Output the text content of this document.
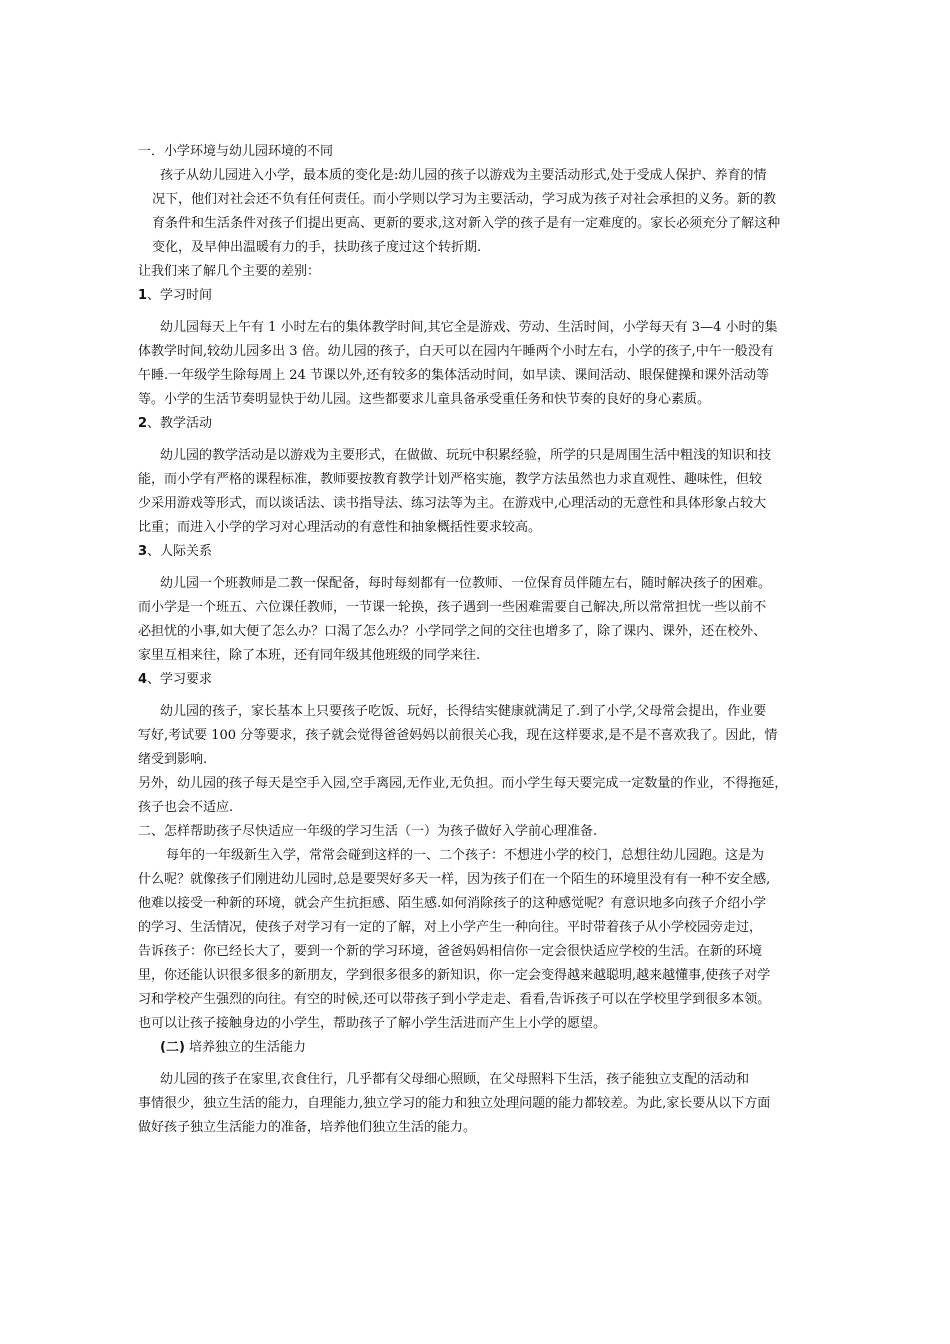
一．小学环境与幼儿园环境的不同
孩子从幼儿园进入小学，最本质的变化是:幼儿园的孩子以游戏为主要活动形式,处于受成人保护、养育的情
况下，他们对社会还不负有任何责任。而小学则以学习为主要活动，学习成为孩子对社会承担的义务。新的教
育条件和生活条件对孩子们提出更高、更新的要求,这对新入学的孩子是有一定难度的。家长必须充分了解这种
变化，及早伸出温暖有力的手，扶助孩子度过这个转折期.
让我们来了解几个主要的差别：
1、学习时间
幼儿园每天上午有 1 小时左右的集体教学时间,其它全是游戏、劳动、生活时间，小学每天有 3—4 小时的集
体教学时间,较幼儿园多出 3 倍。幼儿园的孩子，白天可以在园内午睡两个小时左右，小学的孩子,中午一般没有
午睡.一年级学生除每周上 24 节课以外,还有较多的集体活动时间，如早读、课间活动、眼保健操和课外活动等
等。小学的生活节奏明显快于幼儿园。这些都要求儿童具备承受重任务和快节奏的良好的身心素质。
2、教学活动
幼儿园的教学活动是以游戏为主要形式，在做做、玩玩中积累经验，所学的只是周围生活中粗浅的知识和技
能，而小学有严格的课程标准，教师要按教育教学计划严格实施，教学方法虽然也力求直观性、趣味性，但较
少采用游戏等形式，而以谈话法、读书指导法、练习法等为主。在游戏中,心理活动的无意性和具体形象占较大
比重；而进入小学的学习对心理活动的有意性和抽象概括性要求较高。
3、人际关系
幼儿园一个班教师是二教一保配备，每时每刻都有一位教师、一位保育员伴随左右，随时解决孩子的困难。
而小学是一个班五、六位课任教师，一节课一轮换，孩子遇到一些困难需要自己解决,所以常常担忧一些以前不
必担忧的小事,如大便了怎么办？口渴了怎么办？小学同学之间的交往也增多了，除了课内、课外，还在校外、
家里互相来往，除了本班，还有同年级其他班级的同学来往.
4、学习要求
幼儿园的孩子，家长基本上只要孩子吃饭、玩好，长得结实健康就满足了.到了小学,父母常会提出，作业要
写好,考试要 100 分等要求，孩子就会觉得爸爸妈妈以前很关心我，现在这样要求,是不是不喜欢我了。因此，情
绪受到影响.
另外，幼儿园的孩子每天是空手入园,空手离园,无作业,无负担。而小学生每天要完成一定数量的作业，不得拖延，
孩子也会不适应.
二、怎样帮助孩子尽快适应一年级的学习生活（一）为孩子做好入学前心理准备.
每年的一年级新生入学，常常会碰到这样的一、二个孩子：不想进小学的校门，总想往幼儿园跑。这是为
什么呢？就像孩子们刚进幼儿园时,总是要哭好多天一样，因为孩子们在一个陌生的环境里没有有一种不安全感,
他难以接受一种新的环境，就会产生抗拒感、陌生感.如何消除孩子的这种感觉呢？有意识地多向孩子介绍小学
的学习、生活情况，使孩子对学习有一定的了解，对上小学产生一种向往。平时带着孩子从小学校园旁走过，
告诉孩子：你已经长大了，要到一个新的学习环境，爸爸妈妈相信你一定会很快适应学校的生活。在新的环境
里，你还能认识很多很多的新朋友，学到很多很多的新知识，你一定会变得越来越聪明,越来越懂事,使孩子对学
习和学校产生强烈的向往。有空的时候,还可以带孩子到小学走走、看看,告诉孩子可以在学校里学到很多本领。
也可以让孩子接触身边的小学生，帮助孩子了解小学生活进而产生上小学的愿望。
(二) 培养独立的生活能力
幼儿园的孩子在家里,衣食住行，几乎都有父母细心照顾，在父母照料下生活，孩子能独立支配的活动和
事情很少，独立生活的能力，自理能力,独立学习的能力和独立处理问题的能力都较差。为此,家长要从以下方面
做好孩子独立生活能力的准备，培养他们独立生活的能力。
